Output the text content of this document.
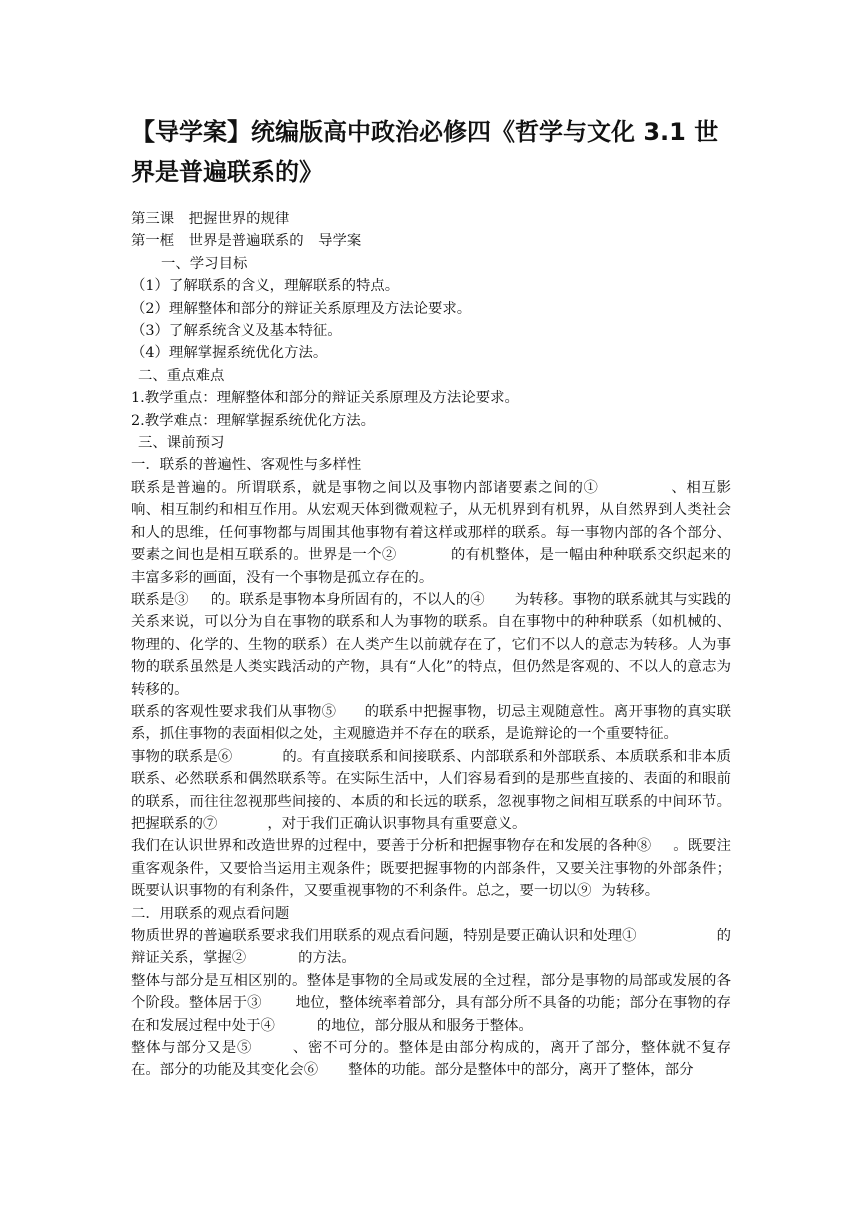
【导学案】统编版高中政治必修四《哲学与文化 3.1 世界是普遍联系的》

第三课　把握世界的规律

第一框　世界是普遍联系的　导学案

一、学习目标

（1）了解联系的含义，理解联系的特点。

（2）理解整体和部分的辩证关系原理及方法论要求。

（3）了解系统含义及基本特征。

（4）理解掌握系统优化方法。

二、重点难点

1.教学重点：理解整体和部分的辩证关系原理及方法论要求。

2.教学难点：理解掌握系统优化方法。

三、课前预习

一．联系的普遍性、客观性与多样性

联系是普遍的。所谓联系，就是事物之间以及事物内部诸要素之间的①	、相互影响、相互制约和相互作用。从宏观天体到微观粒子，从无机界到有机界，从自然界到人类社会和人的思维，任何事物都与周围其他事物有着这样或那样的联系。每一事物内部的各个部分、要素之间也是相互联系的。世界是一个②	的有机整体，是一幅由种种联系交织起来的丰富多彩的画面，没有一个事物是孤立存在的。

联系是③ 的。联系是事物本身所固有的，不以人的④ 为转移。事物的联系就其与实践的关系来说，可以分为自在事物的联系和人为事物的联系。自在事物中的种种联系（如机械的、物理的、化学的、生物的联系）在人类产生以前就存在了，它们不以人的意志为转移。人为事物的联系虽然是人类实践活动的产物，具有“人化”的特点，但仍然是客观的、不以人的意志为转移的。

联系的客观性要求我们从事物⑤ 的联系中把握事物，切忌主观随意性。离开事物的真实联系，抓住事物的表面相似之处，主观臆造并不存在的联系，是诡辩论的一个重要特征。

事物的联系是⑥	的。有直接联系和间接联系、内部联系和外部联系、本质联系和非本质联系、必然联系和偶然联系等。在实际生活中，人们容易看到的是那些直接的、表面的和眼前的联系，而往往忽视那些间接的、本质的和长远的联系，忽视事物之间相互联系的中间环节。把握联系的⑦	，对于我们正确认识事物具有重要意义。

我们在认识世界和改造世界的过程中，要善于分析和把握事物存在和发展的各种⑧ 。既要注重客观条件，又要恰当运用主观条件；既要把握事物的内部条件，又要关注事物的外部条件；既要认识事物的有利条件，又要重视事物的不利条件。总之，要一切以⑨ 为转移。

二．用联系的观点看问题

物质世界的普遍联系要求我们用联系的观点看问题，特别是要正确认识和处理①	的辩证关系，掌握②	的方法。

整体与部分是互相区别的。整体是事物的全局或发展的全过程，部分是事物的局部或发展的各个阶段。整体居于③ 地位，整体统率着部分，具有部分所不具备的功能；部分在事物的存在和发展过程中处于④	的地位，部分服从和服务于整体。

整体与部分又是⑤	、密不可分的。整体是由部分构成的，离开了部分，整体就不复存在。部分的功能及其变化会⑥ 整体的功能。部分是整体中的部分，离开了整体，部分
